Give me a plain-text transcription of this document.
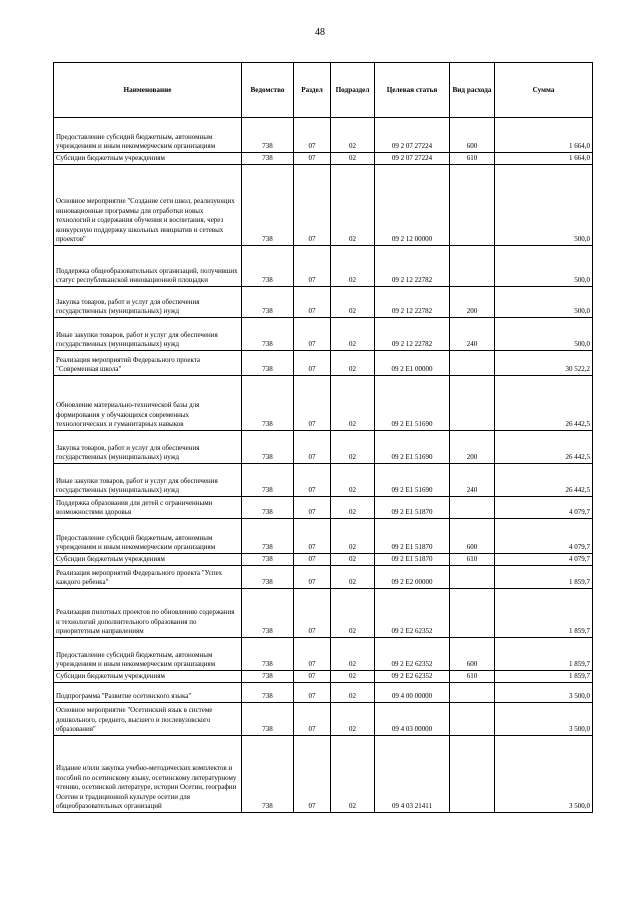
48
Наименование	Ведомство	Раздел	Подраздел	Целевая статья	Вид расхода	Сумма
Предоставление субсидий бюджетным, автономным учреждениям и иным некоммерческим организациям	738	07	02	09 2 07 27224	600	1 664,0
Субсидии бюджетным учреждениям	738	07	02	09 2 07 27224	610	1 664,0
Основное мероприятие "Создание сети школ, реализующих инновационные программы для отработки новых технологий и содержания обучения и воспитания, через конкурсную поддержку школьных инициатив и сетевых проектов"	738	07	02	09 2 12 00000		500,0
Поддержка общеобразовательных организаций, получивших статус республиканской инновационной площадки	738	07	02	09 2 12 22782		500,0
Закупка товаров, работ и услуг для обеспечения государственных (муниципальных) нужд	738	07	02	09 2 12 22782	200	500,0
Иные закупки товаров, работ и услуг для обеспечения государственных (муниципальных) нужд	738	07	02	09 2 12 22782	240	500,0
Реализация мероприятий Федерального проекта "Современная школа"	738	07	02	09 2 E1 00000		30 522,2
Обновление материально-технической базы для формирования у обучающихся современных технологических и гуманитарных навыков	738	07	02	09 2 E1 51690		26 442,5
Закупка товаров, работ и услуг для обеспечения государственных (муниципальных) нужд	738	07	02	09 2 E1 51690	200	26 442,5
Иные закупки товаров, работ и услуг для обеспечения государственных (муниципальных) нужд	738	07	02	09 2 E1 51690	240	26 442,5
Поддержка образования для детей с ограниченными возможностями здоровья	738	07	02	09 2 E1 51870		4 079,7
Предоставление субсидий бюджетным, автономным учреждениям и иным некоммерческим организациям	738	07	02	09 2 E1 51870	600	4 079,7
Субсидии бюджетным учреждениям	738	07	02	09 2 E1 51870	610	4 079,7
Реализация мероприятий Федерального проекта "Успех каждого ребенка"	738	07	02	09 2 E2 00000		1 859,7
Реализация пилотных проектов по обновлению содержания и технологий дополнительного образования по приоритетным направлениям	738	07	02	09 2 E2 62352		1 859,7
Предоставление субсидий бюджетным, автономным учреждениям и иным некоммерческим организациям	738	07	02	09 2 E2 62352	600	1 859,7
Субсидии бюджетным учреждениям	738	07	02	09 2 E2 62352	610	1 859,7
Подпрограмма "Развитие осетинского языка"	738	07	02	09 4 00 00000		3 500,0
Основное мероприятие "Осетинский язык в системе дошкольного, среднего, высшего и послевузовского образования"	738	07	02	09 4 03 00000		3 500,0
Издание и/или закупка учебно-методических комплектов и пособий по осетинскому языку, осетинскому литературному чтению, осетинской литературе, истории Осетии, географии Осетии и традиционной культуре осетии для общеобразовательных организаций	738	07	02	09 4 03 21411		3 500,0
